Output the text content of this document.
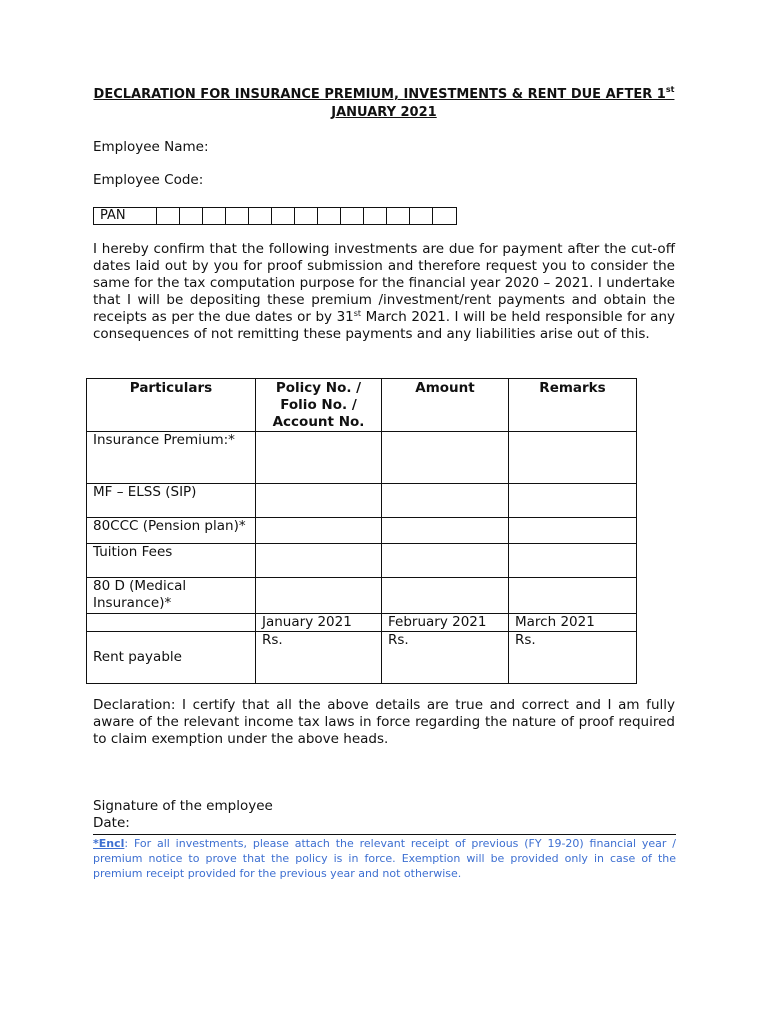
DECLARATION FOR INSURANCE PREMIUM, INVESTMENTS & RENT DUE AFTER 1st
JANUARY 2021
Employee Name:
Employee Code:
PAN
I hereby confirm that the following investments are due for payment after the cut-off dates laid out by you for proof submission and therefore request you to consider the same for the tax computation purpose for the financial year 2020 – 2021. I undertake that I will be depositing these premium /investment/rent payments and obtain the receipts as per the due dates or by 31st March 2021. I will be held responsible for any consequences of not remitting these payments and any liabilities arise out of this.
Particulars	Policy No. /
Folio No. /
Account No.	Amount	Remarks
Insurance Premium:*			
MF – ELSS (SIP)			
80CCC (Pension plan)*			
Tuition Fees			
80 D (Medical Insurance)*			
	January 2021	February 2021	March 2021
Rent payable	Rs.	Rs.	Rs.
Declaration: I certify that all the above details are true and correct and I am fully aware of the relevant income tax laws in force regarding the nature of proof required to claim exemption under the above heads.
Signature of the employee
Date:
*Encl: For all investments, please attach the relevant receipt of previous (FY 19-20) financial year / premium notice to prove that the policy is in force. Exemption will be provided only in case of the premium receipt provided for the previous year and not otherwise.
